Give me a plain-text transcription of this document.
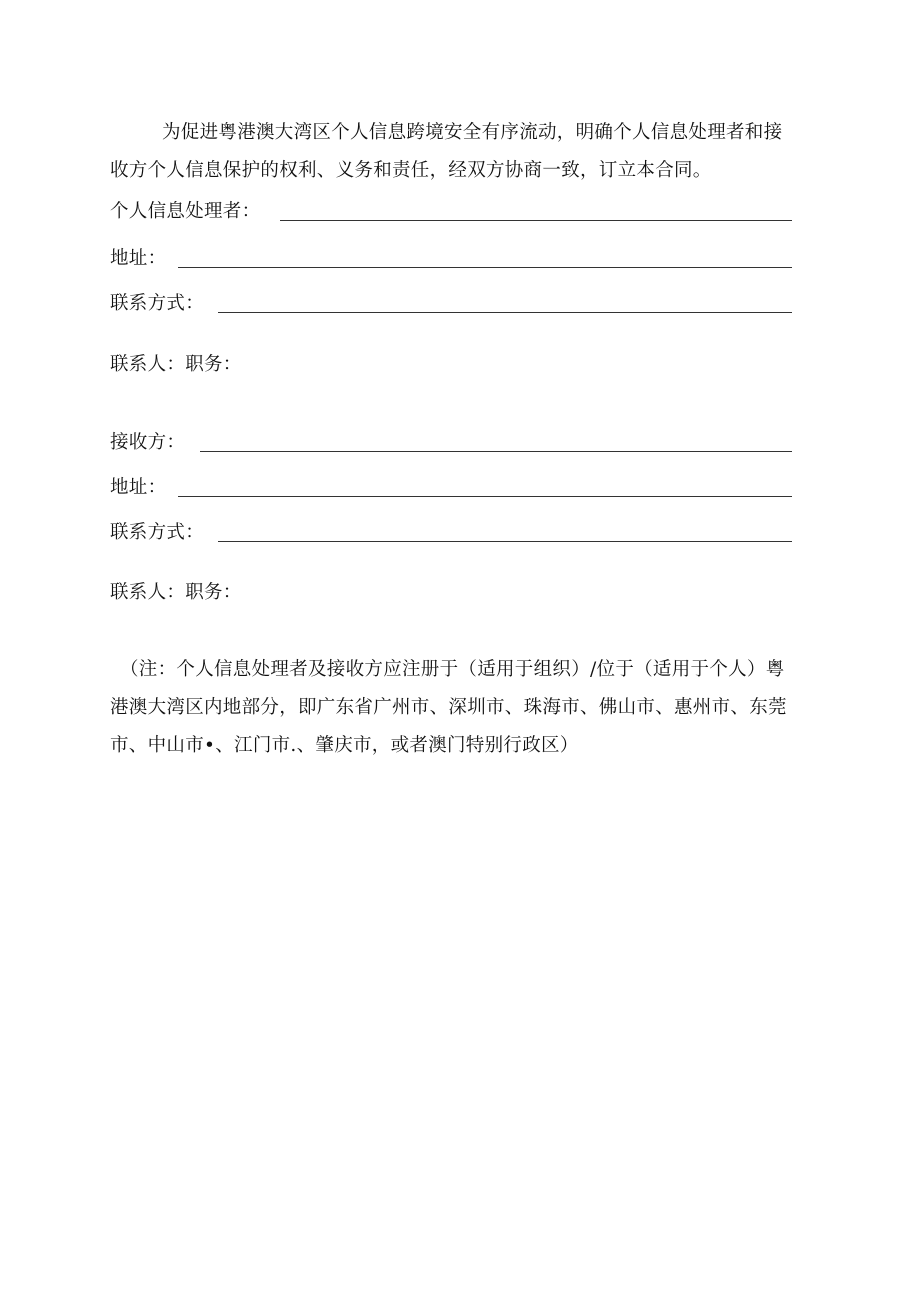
为促进粤港澳大湾区个人信息跨境安全有序流动，明确个人信息处理者和接收方个人信息保护的权利、义务和责任，经双方协商一致，订立本合同。

个人信息处理者：
地址：
联系方式：

联系人：职务：

接收方：
地址：
联系方式：

联系人：职务：

（注：个人信息处理者及接收方应注册于（适用于组织）/位于（适用于个人）粤港澳大湾区内地部分，即广东省广州市、深圳市、珠海市、佛山市、惠州市、东莞市、中山市•、江门市.、肇庆市，或者澳门特别行政区）
